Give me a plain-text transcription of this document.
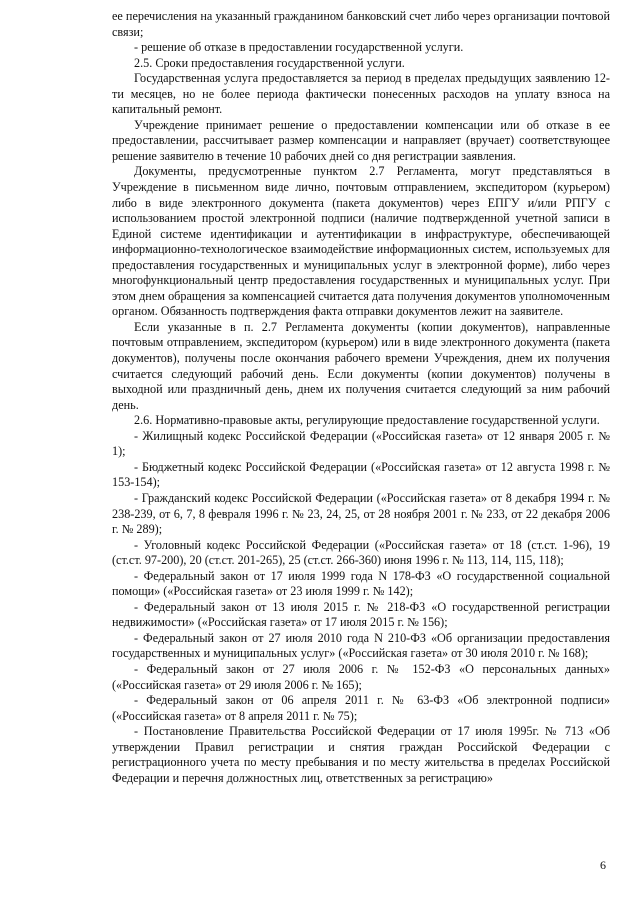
ее перечисления на указанный гражданином банковский счет либо через организации почтовой связи;

- решение об отказе в предоставлении государственной услуги.

2.5. Сроки предоставления государственной услуги.

Государственная услуга предоставляется за период в пределах предыдущих заявлению 12-ти месяцев, но не более периода фактически понесенных расходов на уплату взноса на капитальный ремонт.

Учреждение принимает решение о предоставлении компенсации или об отказе в ее предоставлении, рассчитывает размер компенсации и направляет (вручает) соответствующее решение заявителю в течение 10 рабочих дней со дня регистрации заявления.

Документы, предусмотренные пунктом 2.7 Регламента, могут представляться в Учреждение в письменном виде лично, почтовым отправлением, экспедитором (курьером) либо в виде электронного документа (пакета документов) через ЕПГУ и/или РПГУ с использованием простой электронной подписи (наличие подтвержденной учетной записи в Единой системе идентификации и аутентификации в инфраструктуре, обеспечивающей информационно-технологическое взаимодействие информационных систем, используемых для предоставления государственных и муниципальных услуг в электронной форме), либо через многофункциональный центр предоставления государственных и муниципальных услуг. При этом днем обращения за компенсацией считается дата получения документов уполномоченным органом. Обязанность подтверждения факта отправки документов лежит на заявителе.

Если указанные в п. 2.7 Регламента документы (копии документов), направленные почтовым отправлением, экспедитором (курьером) или в виде электронного документа (пакета документов), получены после окончания рабочего времени Учреждения, днем их получения считается следующий рабочий день. Если документы (копии документов) получены в выходной или праздничный день, днем их получения считается следующий за ним рабочий день.

2.6. Нормативно-правовые акты, регулирующие предоставление государственной услуги.

- Жилищный кодекс Российской Федерации («Российская газета» от 12 января 2005 г. № 1);

- Бюджетный кодекс Российской Федерации («Российская газета» от 12 августа 1998 г. № 153-154);

- Гражданский кодекс Российской Федерации («Российская газета» от 8 декабря 1994 г. № 238-239, от 6, 7, 8 февраля 1996 г. № 23, 24, 25, от 28 ноября 2001 г. № 233, от 22 декабря 2006 г. № 289);

- Уголовный кодекс Российской Федерации («Российская газета» от 18 (ст.ст. 1-96), 19 (ст.ст. 97-200), 20 (ст.ст. 201-265), 25 (ст.ст. 266-360) июня 1996 г. № 113, 114, 115, 118);

- Федеральный закон от 17 июля 1999 года N 178-ФЗ «О государственной социальной помощи» («Российская газета» от 23 июля 1999 г. № 142);

- Федеральный закон от 13 июля 2015 г. № 218-ФЗ «О государственной регистрации недвижимости» («Российская газета» от 17 июля 2015 г. № 156);

- Федеральный закон от 27 июля 2010 года N 210-ФЗ «Об организации предоставления государственных и муниципальных услуг» («Российская газета» от 30 июля 2010 г. № 168);

- Федеральный закон от 27 июля 2006 г. № 152-ФЗ «О персональных данных» («Российская газета» от 29 июля 2006 г. № 165);

- Федеральный закон от 06 апреля 2011 г. № 63-ФЗ «Об электронной подписи» («Российская газета» от 8 апреля 2011 г. № 75);

- Постановление Правительства Российской Федерации от 17 июля 1995г. № 713 «Об утверждении Правил регистрации и снятия граждан Российской Федерации с регистрационного учета по месту пребывания и по месту жительства в пределах Российской Федерации и перечня должностных лиц, ответственных за регистрацию»

6
